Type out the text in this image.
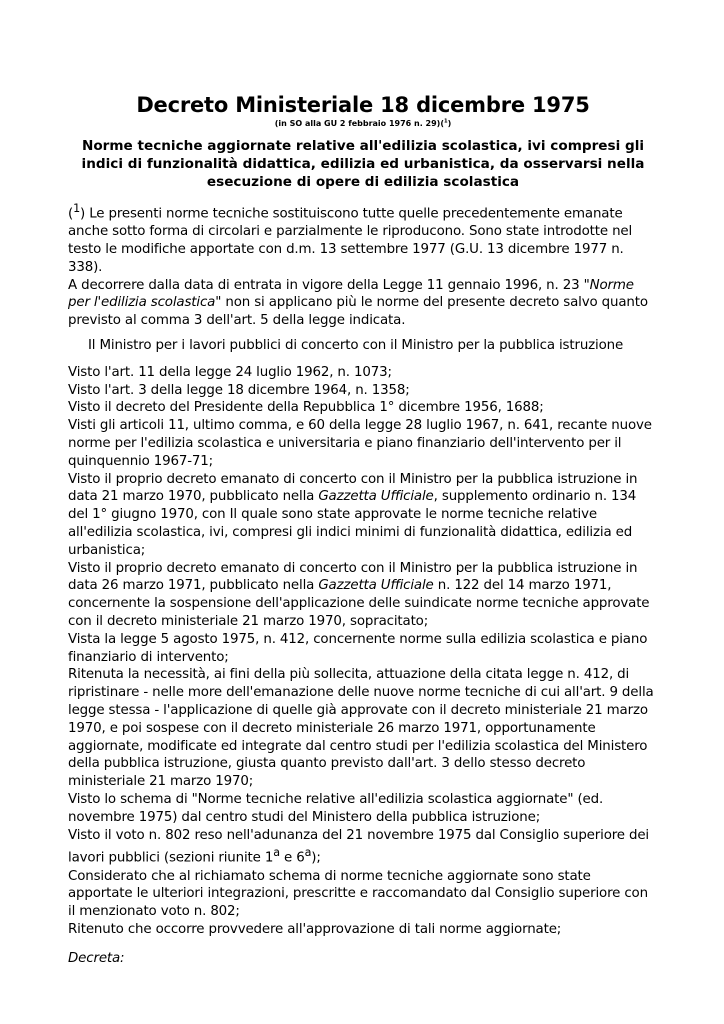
Decreto Ministeriale 18 dicembre 1975
(in SO alla GU 2 febbraio 1976 n. 29)($^1$)
Norme tecniche aggiornate relative all'edilizia scolastica, ivi compresi gli indici di funzionalità didattica, edilizia ed urbanistica, da osservarsi nella esecuzione di opere di edilizia scolastica
($^1$) Le presenti norme tecniche sostituiscono tutte quelle precedentemente emanate anche sotto forma di circolari e parzialmente le riproducono. Sono state introdotte nel testo le modifiche apportate con d.m. 13 settembre 1977 (G.U. 13 dicembre 1977 n. 338).
A decorrere dalla data di entrata in vigore della Legge 11 gennaio 1996, n. 23 "Norme per l'edilizia scolastica" non si applicano più le norme del presente decreto salvo quanto previsto al comma 3 dell'art. 5 della legge indicata.

Il Ministro per i lavori pubblici di concerto con il Ministro per la pubblica istruzione

Visto l'art. 11 della legge 24 luglio 1962, n. 1073;
Visto l'art. 3 della legge 18 dicembre 1964, n. 1358;
Visto il decreto del Presidente della Repubblica 1° dicembre 1956, 1688;
Visti gli articoli 11, ultimo comma, e 60 della legge 28 luglio 1967, n. 641, recante nuove norme per l'edilizia scolastica e universitaria e piano finanziario dell'intervento per il quinquennio 1967-71;
Visto il proprio decreto emanato di concerto con il Ministro per la pubblica istruzione in data 21 marzo 1970, pubblicato nella Gazzetta Ufficiale, supplemento ordinario n. 134 del 1° giugno 1970, con Il quale sono state approvate le norme tecniche relative all'edilizia scolastica, ivi, compresi gli indici minimi di funzionalità didattica, edilizia ed urbanistica;
Visto il proprio decreto emanato di concerto con il Ministro per la pubblica istruzione in data 26 marzo 1971, pubblicato nella Gazzetta Ufficiale n. 122 del 14 marzo 1971, concernente la sospensione dell'applicazione delle suindicate norme tecniche approvate con il decreto ministeriale 21 marzo 1970, sopracitato;
Vista la legge 5 agosto 1975, n. 412, concernente norme sulla edilizia scolastica e piano finanziario di intervento;
Ritenuta la necessità, ai fini della più sollecita, attuazione della citata legge n. 412, di ripristinare - nelle more dell'emanazione delle nuove norme tecniche di cui all'art. 9 della legge stessa - l'applicazione di quelle già approvate con il decreto ministeriale 21 marzo 1970, e poi sospese con il decreto ministeriale 26 marzo 1971, opportunamente aggiornate, modificate ed integrate dal centro studi per l'edilizia scolastica del Ministero della pubblica istruzione, giusta quanto previsto dall'art. 3 dello stesso decreto ministeriale 21 marzo 1970;
Visto lo schema di "Norme tecniche relative all'edilizia scolastica aggiornate" (ed. novembre 1975) dal centro studi del Ministero della pubblica istruzione;
Visto il voto n. 802 reso nell'adunanza del 21 novembre 1975 dal Consiglio superiore dei lavori pubblici (sezioni riunite 1$^a$ e 6$^a$);
Considerato che al richiamato schema di norme tecniche aggiornate sono state apportate le ulteriori integrazioni, prescritte e raccomandato dal Consiglio superiore con il menzionato voto n. 802;
Ritenuto che occorre provvedere all'approvazione di tali norme aggiornate;

Decreta:
